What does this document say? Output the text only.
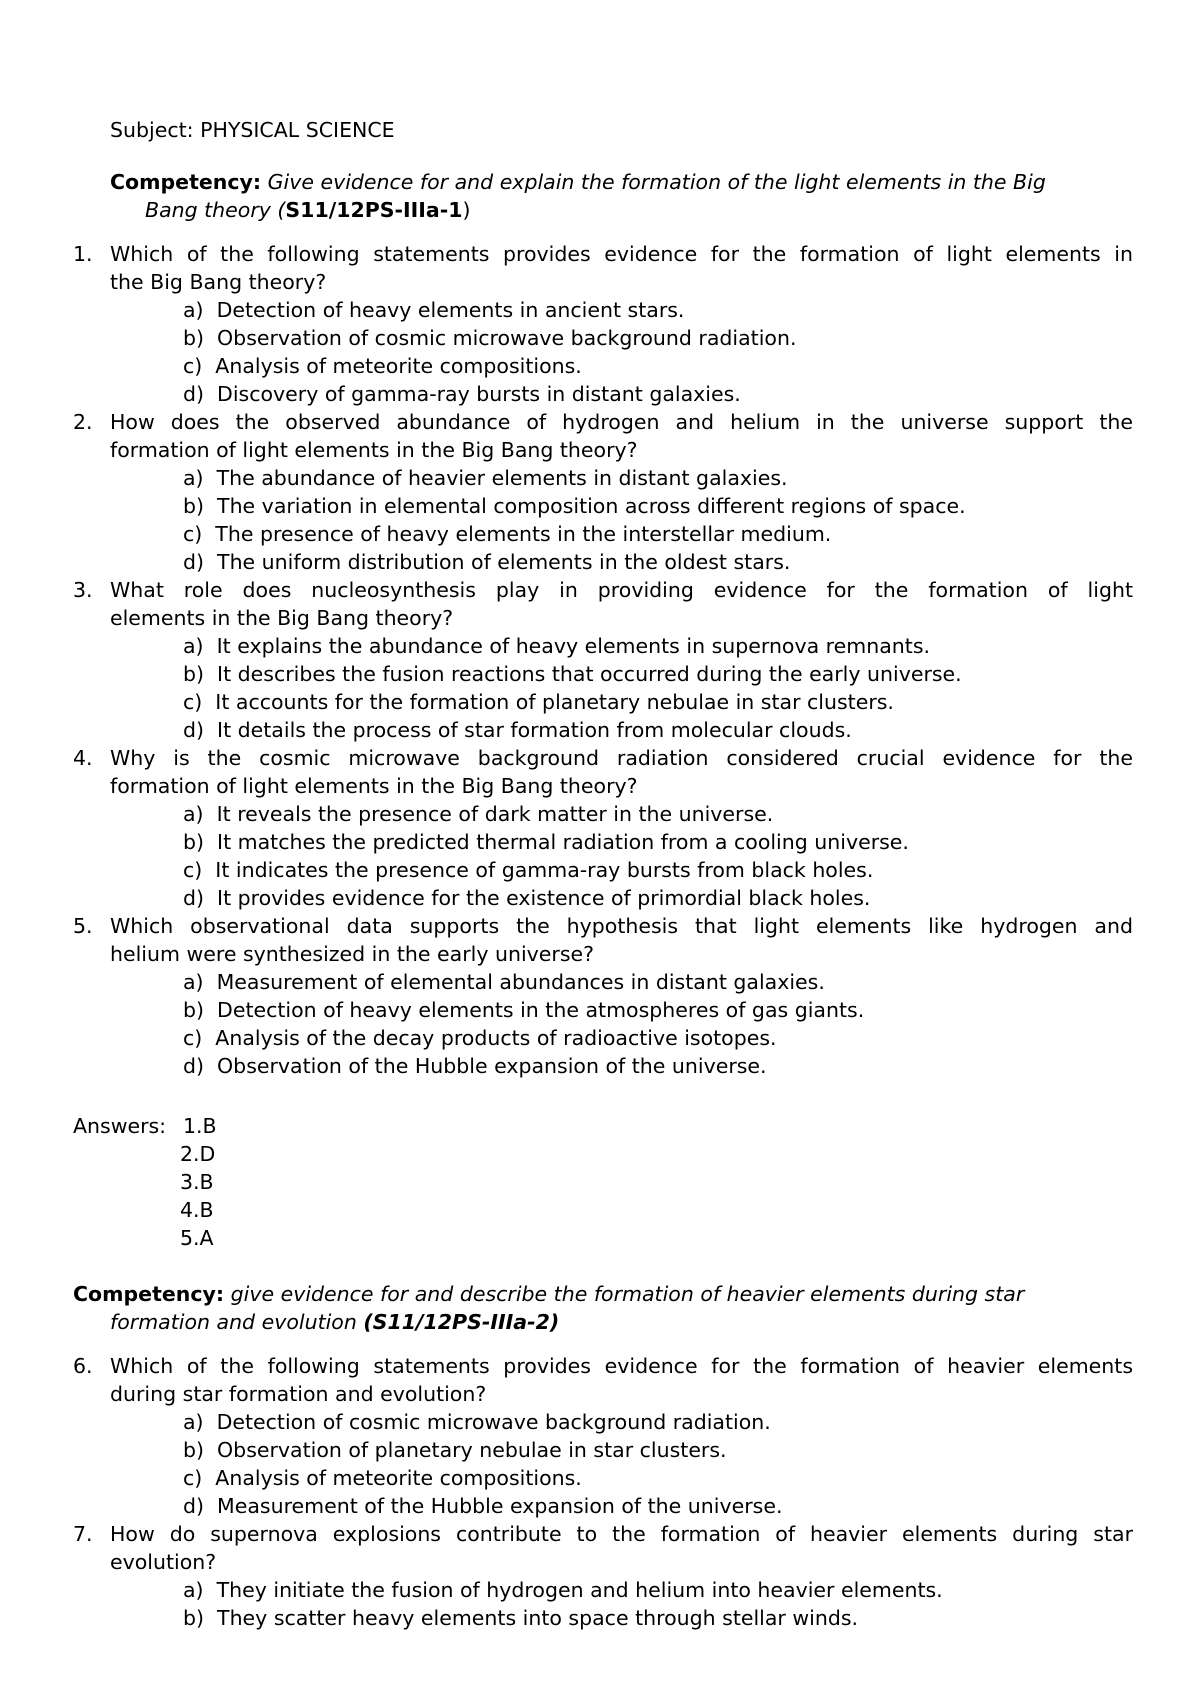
Subject: PHYSICAL SCIENCE
Competency: Give evidence for and explain the formation of the light elements in the Big
Bang theory (S11/12PS-IIIa-1)
1. Which of the following statements provides evidence for the formation of light elements in
the Big Bang theory?
a)  Detection of heavy elements in ancient stars.
b)  Observation of cosmic microwave background radiation.
c)  Analysis of meteorite compositions.
d)  Discovery of gamma-ray bursts in distant galaxies.
2. How does the observed abundance of hydrogen and helium in the universe support the
formation of light elements in the Big Bang theory?
a)  The abundance of heavier elements in distant galaxies.
b)  The variation in elemental composition across different regions of space.
c)  The presence of heavy elements in the interstellar medium.
d)  The uniform distribution of elements in the oldest stars.
3. What role does nucleosynthesis play in providing evidence for the formation of light
elements in the Big Bang theory?
a)  It explains the abundance of heavy elements in supernova remnants.
b)  It describes the fusion reactions that occurred during the early universe.
c)  It accounts for the formation of planetary nebulae in star clusters.
d)  It details the process of star formation from molecular clouds.
4. Why is the cosmic microwave background radiation considered crucial evidence for the
formation of light elements in the Big Bang theory?
a)  It reveals the presence of dark matter in the universe.
b)  It matches the predicted thermal radiation from a cooling universe.
c)  It indicates the presence of gamma-ray bursts from black holes.
d)  It provides evidence for the existence of primordial black holes.
5. Which observational data supports the hypothesis that light elements like hydrogen and
helium were synthesized in the early universe?
a)  Measurement of elemental abundances in distant galaxies.
b)  Detection of heavy elements in the atmospheres of gas giants.
c)  Analysis of the decay products of radioactive isotopes.
d)  Observation of the Hubble expansion of the universe.
Answers: 1.B
2.D
3.B
4.B
5.A
Competency: give evidence for and describe the formation of heavier elements during star
formation and evolution (S11/12PS-IIIa-2)
6. Which of the following statements provides evidence for the formation of heavier elements
during star formation and evolution?
a)  Detection of cosmic microwave background radiation.
b)  Observation of planetary nebulae in star clusters.
c)  Analysis of meteorite compositions.
d)  Measurement of the Hubble expansion of the universe.
7. How do supernova explosions contribute to the formation of heavier elements during star
evolution?
a)  They initiate the fusion of hydrogen and helium into heavier elements.
b)  They scatter heavy elements into space through stellar winds.
